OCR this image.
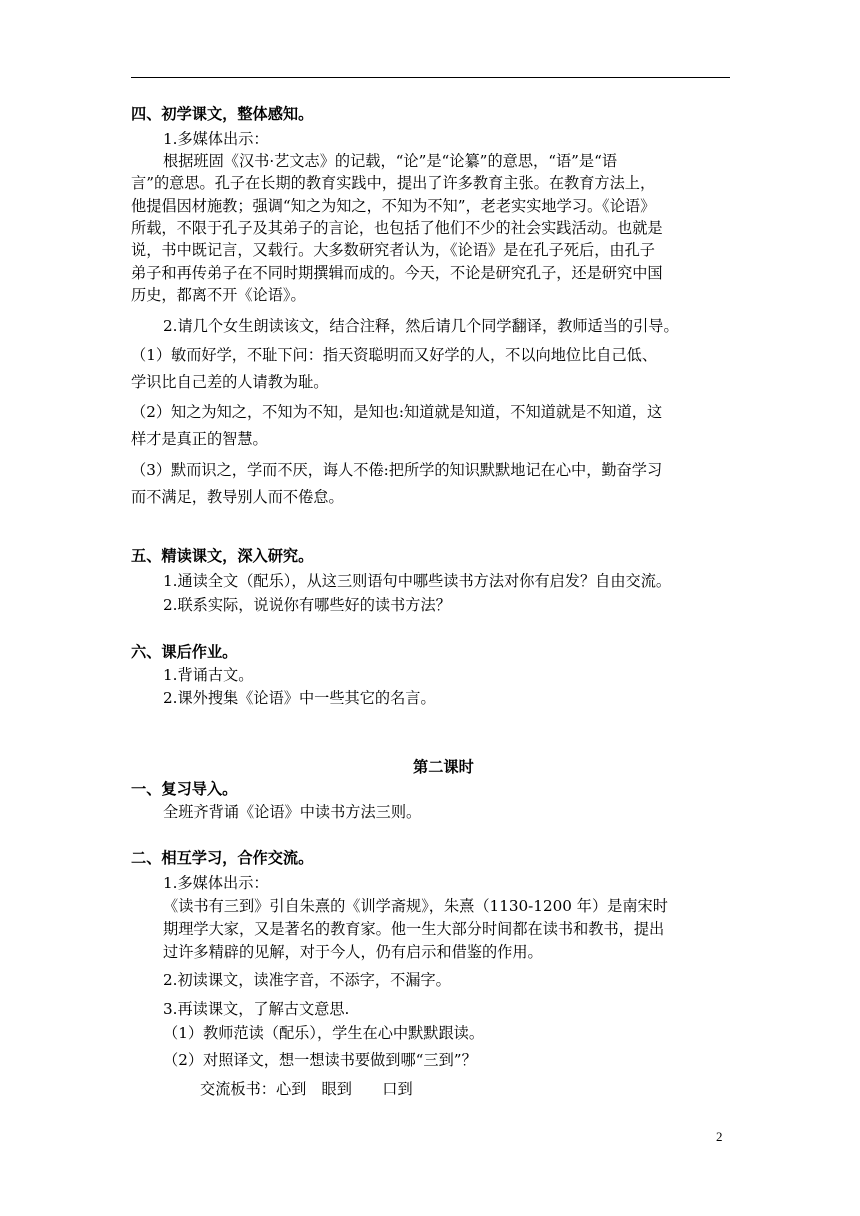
四、初学课文，整体感知。
1.多媒体出示：
根据班固《汉书·艺文志》的记载，“论”是“论纂”的意思，“语”是“语
言”的意思。孔子在长期的教育实践中，提出了许多教育主张。在教育方法上，
他提倡因材施教；强调“知之为知之，不知为不知”，老老实实地学习。《论语》
所载，不限于孔子及其弟子的言论，也包括了他们不少的社会实践活动。也就是
说，书中既记言，又载行。大多数研究者认为，《论语》是在孔子死后，由孔子
弟子和再传弟子在不同时期撰辑而成的。今天，不论是研究孔子，还是研究中国
历史，都离不开《论语》。
2.请几个女生朗读该文，结合注释，然后请几个同学翻译，教师适当的引导。
（1）敏而好学，不耻下问：指天资聪明而又好学的人，不以向地位比自己低、
学识比自己差的人请教为耻。
（2）知之为知之，不知为不知，是知也:知道就是知道，不知道就是不知道，这
样才是真正的智慧。
（3）默而识之，学而不厌，诲人不倦:把所学的知识默默地记在心中，勤奋学习
而不满足，教导别人而不倦怠。
五、精读课文，深入研究。
1.通读全文（配乐），从这三则语句中哪些读书方法对你有启发？自由交流。
2.联系实际，说说你有哪些好的读书方法？
六、课后作业。
1.背诵古文。
2.课外搜集《论语》中一些其它的名言。
第二课时
一、复习导入。
全班齐背诵《论语》中读书方法三则。
二、相互学习，合作交流。
1.多媒体出示：
《读书有三到》引自朱熹的《训学斋规》，朱熹（1130-1200 年）是南宋时
期理学大家，又是著名的教育家。他一生大部分时间都在读书和教书，提出
过许多精辟的见解，对于今人，仍有启示和借鉴的作用。
2.初读课文，读准字音，不添字，不漏字。
3.再读课文，了解古文意思.
（1）教师范读（配乐），学生在心中默默跟读。
（2）对照译文，想一想读书要做到哪“三到”？
交流板书：心到　眼到　　口到
2
